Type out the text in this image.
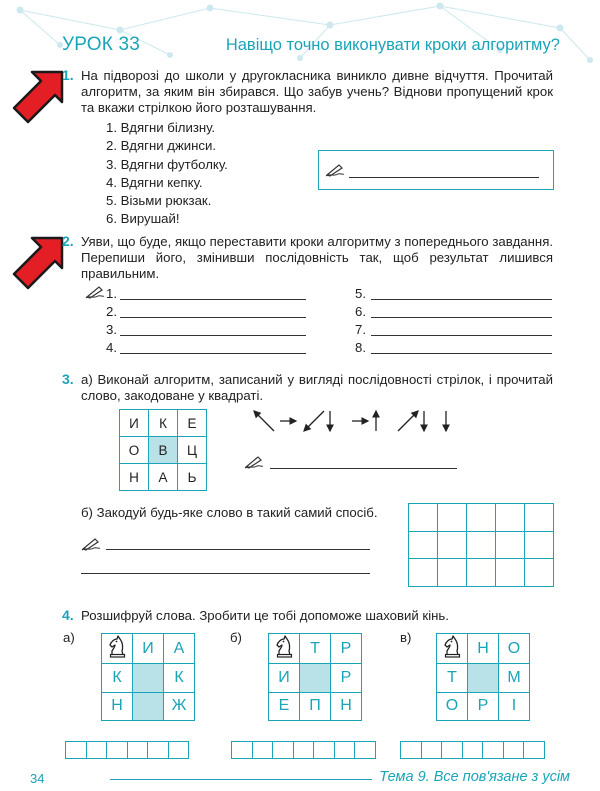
УРОК 33	Навіщо точно виконувати кроки алгоритму?
1. На підворозі до школи у другокласника виникло дивне відчуття. Прочитай алгоритм, за яким він збирався. Що забув учень? Віднови пропущений крок та вкажи стрілкою його розташування.
1. Вдягни білизну.
2. Вдягни джинси.
3. Вдягни футболку.
4. Вдягни кепку.
5. Візьми рюкзак.
6. Вирушай!
2. Уяви, що буде, якщо переставити кроки алгоритму з попереднього завдання. Перепиши його, змінивши послідовність так, щоб результат лишився правильним.
1.
2.
3.
4.
5.
6.
7.
8.
3. а) Виконай алгоритм, записаний у вигляді послідовності стрілок, і прочитай слово, закодоване у квадраті.
И	К	Е
О	В	Ц
Н	А	Ь
б) Закодуй будь-яке слово в такий самий спосіб.

4. Розшифруй слова. Зробити це тобі допоможе шаховий кінь.
а)
	И	А
К		К
Н		Ж

б)
	Т	Р
И		Р
Е	П	Н

в)
	Н	О
Т		М
О	Р	І

34	Тема 9. Все пов'язане з усім
